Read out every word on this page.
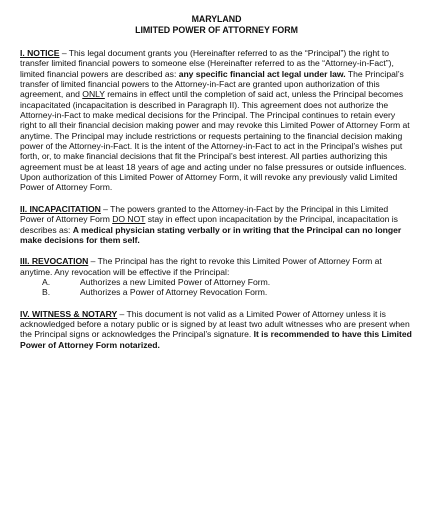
MARYLAND

LIMITED POWER OF ATTORNEY FORM

I. NOTICE – This legal document grants you (Hereinafter referred to as the “Principal”) the right to transfer limited financial powers to someone else (Hereinafter referred to as the “Attorney-in-Fact”), limited financial powers are described as: any specific financial act legal under law. The Principal’s transfer of limited financial powers to the Attorney-in-Fact are granted upon authorization of this agreement, and ONLY remains in effect until the completion of said act, unless the Principal becomes incapacitated (incapacitation is described in Paragraph II). This agreement does not authorize the Attorney-in-Fact to make medical decisions for the Principal. The Principal continues to retain every right to all their financial decision making power and may revoke this Limited Power of Attorney Form at anytime. The Principal may include restrictions or requests pertaining to the financial decision making power of the Attorney-in-Fact. It is the intent of the Attorney-in-Fact to act in the Principal’s wishes put forth, or, to make financial decisions that fit the Principal’s best interest. All parties authorizing this agreement must be at least 18 years of age and acting under no false pressures or outside influences. Upon authorization of this Limited Power of Attorney Form, it will revoke any previously valid Limited Power of Attorney Form.

II. INCAPACITATION – The powers granted to the Attorney-in-Fact by the Principal in this Limited Power of Attorney Form DO NOT stay in effect upon incapacitation by the Principal, incapacitation is describes as: A medical physician stating verbally or in writing that the Principal can no longer make decisions for them self.

III. REVOCATION – The Principal has the right to revoke this Limited Power of Attorney Form at anytime. Any revocation will be effective if the Principal:

A.	Authorizes a new Limited Power of Attorney Form.
B.	Authorizes a Power of Attorney Revocation Form.

IV. WITNESS & NOTARY – This document is not valid as a Limited Power of Attorney unless it is acknowledged before a notary public or is signed by at least two adult witnesses who are present when the Principal signs or acknowledges the Principal’s signature. It is recommended to have this Limited Power of Attorney Form notarized.
